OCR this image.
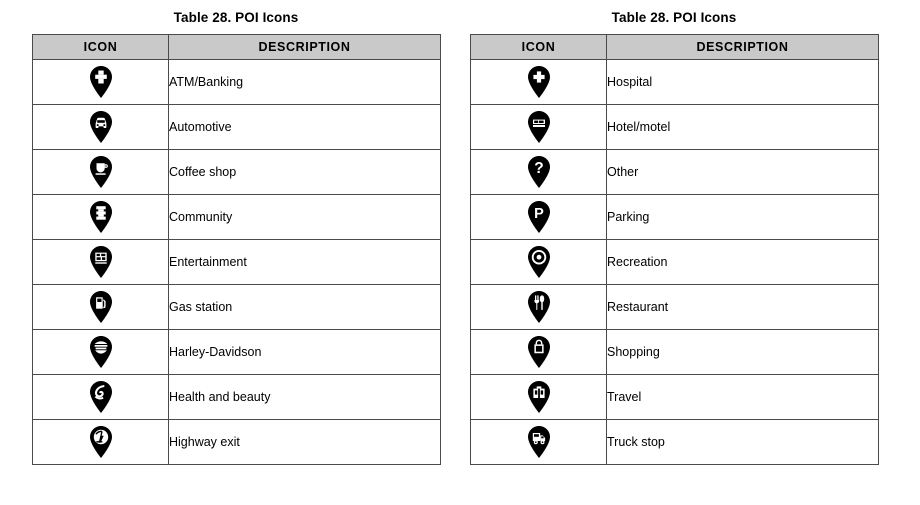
Table 28. POI Icons
ICON	DESCRIPTION

	ATM/Banking

	Automotive

	Coffee shop

	Community

	Entertainment

	Gas station

	Harley-Davidson

	Health and beauty

	Highway exit
Table 28. POI Icons
ICON	DESCRIPTION

	Hospital

	Hotel/motel

?	Other

P	Parking

	Recreation

	Restaurant

	Shopping

	Travel

	Truck stop
